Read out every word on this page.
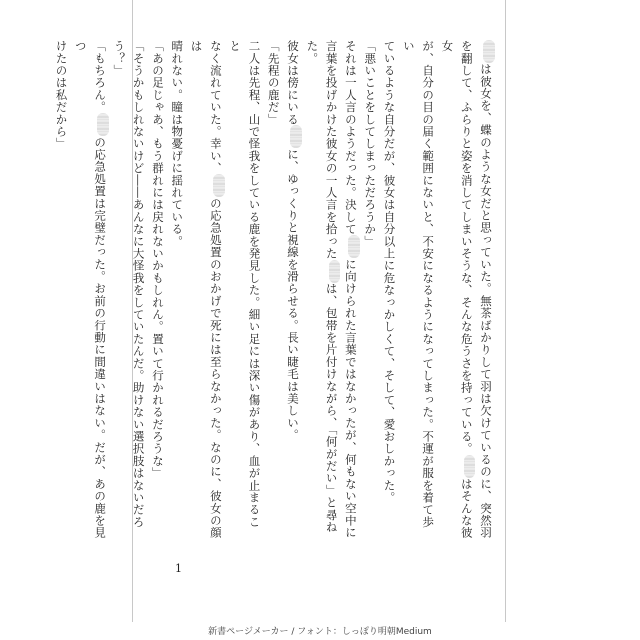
は彼女を、蝶のような女だと思っていた。無茶ばかりして羽は欠けているのに、突然羽

を翻して、ふらりと姿を消してしまいそうな、そんな危うさを持っている。はそんな彼女

が、自分の目の届く範囲にないと、不安になるようになってしまった。不運が服を着て歩い

ているような自分だが、彼女は自分以上に危なっかしくて、そして、愛おしかった。

「悪いことをしてしまっただろうか」

それは一人言のようだった。決してに向けられた言葉ではなかったが、何もない空中に

言葉を投げかけた彼女の一人言を拾ったは、包帯を片付けながら、「何がだい」と尋ねた。

彼女は傍にいるに、ゆっくりと視線を滑らせる。長い睫毛は美しい。

「先程の鹿だ」

二人は先程、山で怪我をしている鹿を発見した。細い足には深い傷があり、血が止まること

なく流れていた。幸い、の応急処置のおかげで死には至らなかった。なのに、彼女の顔は

晴れない。瞳は物憂げに揺れている。

「あの足じゃあ、もう群れには戻れないかもしれん。置いて行かれるだろうな」

「そうかもしれないけど――あんなに大怪我をしていたんだ。助けない選択肢はないだろう？」

「もちろん。の応急処置は完璧だった。お前の行動に間違いはない。だが、あの鹿を見つ

けたのは私だから」

1
新書ページメーカー / フォント：しっぽり明朝Medium
